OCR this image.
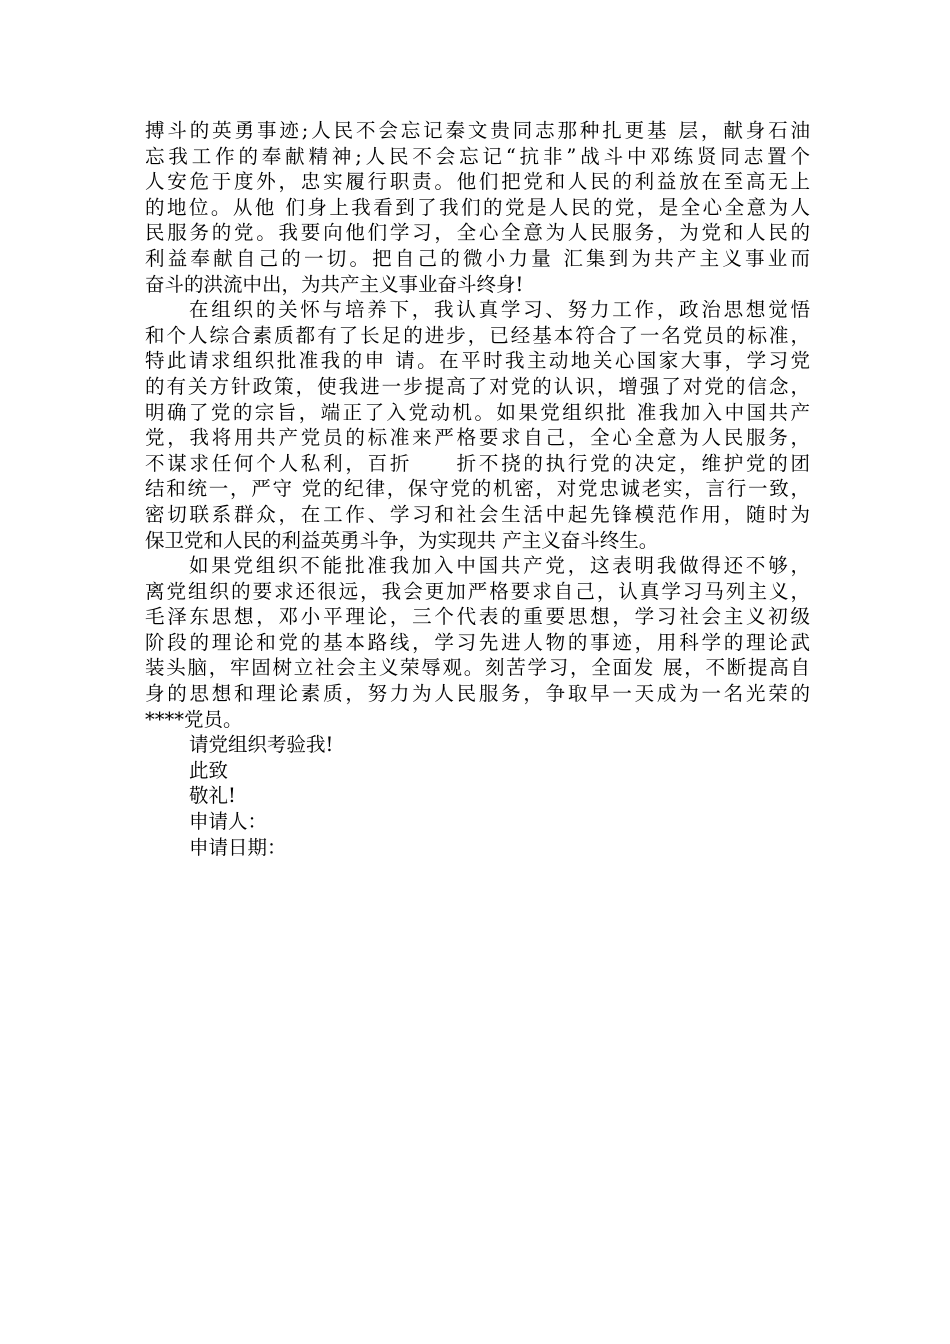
搏斗的英勇事迹;人民不会忘记秦文贵同志那种扎更基 层，献身石油
忘我工作的奉献精神;人民不会忘记“抗非”战斗中邓练贤同志置个
人安危于度外，忠实履行职责。他们把党和人民的利益放在至高无上
的地位。从他 们身上我看到了我们的党是人民的党，是全心全意为人
民服务的党。我要向他们学习，全心全意为人民服务，为党和人民的
利益奉献自己的一切。把自己的微小力量 汇集到为共产主义事业而
奋斗的洪流中出，为共产主义事业奋斗终身!
在组织的关怀与培养下，我认真学习、努力工作，政治思想觉悟
和个人综合素质都有了长足的进步，已经基本符合了一名党员的标准，
特此请求组织批准我的申 请。在平时我主动地关心国家大事，学习党
的有关方针政策，使我进一步提高了对党的认识，增强了对党的信念，
明确了党的宗旨，端正了入党动机。如果党组织批 准我加入中国共产
党，我将用共产党员的标准来严格要求自己，全心全意为人民服务，
不谋求任何个人私利，百折　　折不挠的执行党的决定，维护党的团
结和统一，严守 党的纪律，保守党的机密，对党忠诚老实，言行一致，
密切联系群众，在工作、学习和社会生活中起先锋模范作用，随时为
保卫党和人民的利益英勇斗争，为实现共 产主义奋斗终生。
如果党组织不能批准我加入中国共产党，这表明我做得还不够，
离党组织的要求还很远，我会更加严格要求自己，认真学习马列主义，
毛泽东思想，邓小平理论，三个代表的重要思想，学习社会主义初级
阶段的理论和党的基本路线，学习先进人物的事迹，用科学的理论武
装头脑，牢固树立社会主义荣辱观。刻苦学习，全面发 展，不断提高自
身的思想和理论素质，努力为人民服务，争取早一天成为一名光荣的
****党员。
请党组织考验我!
此致
敬礼!
申请人：
申请日期：
